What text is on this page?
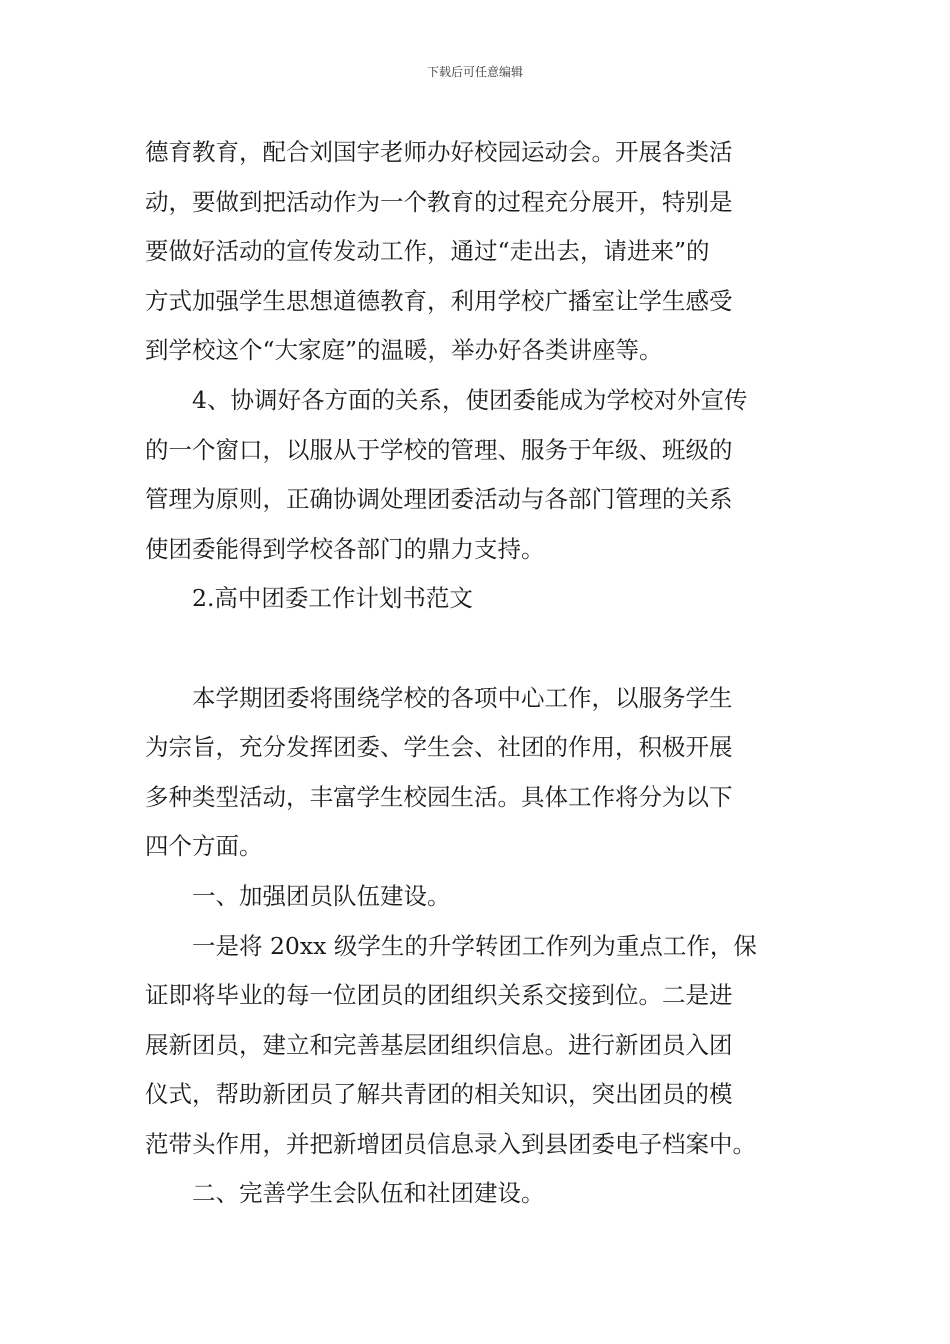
下载后可任意编辑

德育教育，配合刘国宇老师办好校园运动会。开展各类活

动，要做到把活动作为一个教育的过程充分展开，特别是

要做好活动的宣传发动工作，通过“走出去，请进来”的

方式加强学生思想道德教育，利用学校广播室让学生感受

到学校这个“大家庭”的温暖，举办好各类讲座等。

4、协调好各方面的关系，使团委能成为学校对外宣传

的一个窗口，以服从于学校的管理、服务于年级、班级的

管理为原则，正确协调处理团委活动与各部门管理的关系

使团委能得到学校各部门的鼎力支持。

2.高中团委工作计划书范文

本学期团委将围绕学校的各项中心工作，以服务学生

为宗旨，充分发挥团委、学生会、社团的作用，积极开展

多种类型活动，丰富学生校园生活。具体工作将分为以下

四个方面。

一、加强团员队伍建设。

一是将 20xx 级学生的升学转团工作列为重点工作，保

证即将毕业的每一位团员的团组织关系交接到位。二是进

展新团员，建立和完善基层团组织信息。进行新团员入团

仪式，帮助新团员了解共青团的相关知识，突出团员的模

范带头作用，并把新增团员信息录入到县团委电子档案中。

二、完善学生会队伍和社团建设。
